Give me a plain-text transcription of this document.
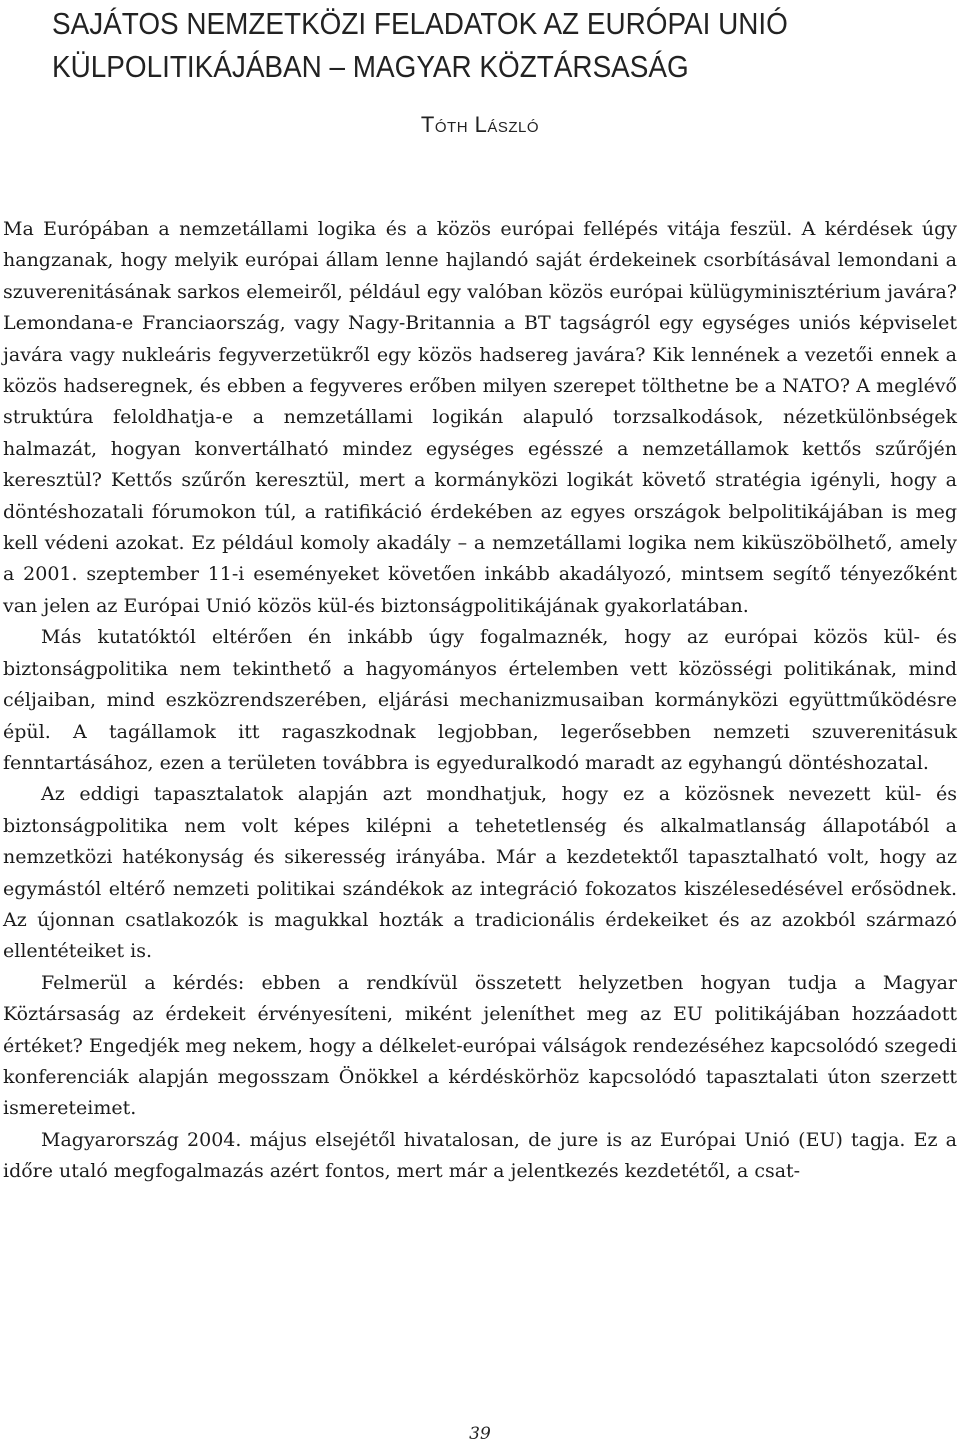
SAJÁTOS NEMZETKÖZI FELADATOK AZ EURÓPAI UNIÓ
KÜLPOLITIKÁJÁBAN – MAGYAR KÖZTÁRSASÁG
Tóth László

Ma Európában a nemzetállami logika és a közös európai fellépés vitája feszül. A kérdések úgy hangzanak, hogy melyik európai állam lenne hajlandó saját érdekeinek csorbításával lemondani a szuverenitásának sarkos elemeiről, például egy valóban közös európai külügyminisztérium javára? Lemondana-e Franciaország, vagy Nagy-Britannia a BT tagságról egy egységes uniós képviselet javára vagy nukleáris fegyverzetükről egy közös hadsereg javára? Kik lennének a vezetői ennek a közös hadseregnek, és ebben a fegyveres erőben milyen szerepet tölthetne be a NATO? A meglévő struktúra feloldhatja-e a nemzetállami logikán alapuló torzsalkodások, nézetkülönbségek halmazát, hogyan konvertálható mindez egységes egésszé a nemzetállamok kettős szűrőjén keresztül? Kettős szűrőn keresztül, mert a kormányközi logikát követő stratégia igényli, hogy a döntéshozatali fórumokon túl, a ratifikáció érdekében az egyes országok belpolitikájában is meg kell védeni azokat. Ez például komoly akadály – a nemzetállami logika nem kiküszöbölhető, amely a 2001. szeptember 11-i eseményeket követően inkább akadályozó, mintsem segítő tényezőként van jelen az Európai Unió közös kül-és biztonságpolitikájának gyakorlatában.

Más kutatóktól eltérően én inkább úgy fogalmaznék, hogy az európai közös kül- és biztonságpolitika nem tekinthető a hagyományos értelemben vett közösségi politikának, mind céljaiban, mind eszközrendszerében, eljárási mechanizmusaiban kormányközi együttműködésre épül. A tagállamok itt ragaszkodnak legjobban, legerősebben nemzeti szuverenitásuk fenntartásához, ezen a területen továbbra is egyeduralkodó maradt az egyhangú döntéshozatal.

Az eddigi tapasztalatok alapján azt mondhatjuk, hogy ez a közösnek nevezett kül- és biztonságpolitika nem volt képes kilépni a tehetetlenség és alkalmatlanság állapotából a nemzetközi hatékonyság és sikeresség irányába. Már a kezdetektől tapasztalható volt, hogy az egymástól eltérő nemzeti politikai szándékok az integráció fokozatos kiszélesedésével erősödnek. Az újonnan csatlakozók is magukkal hozták a tradicionális érdekeiket és az azokból származó ellentéteiket is.

Felmerül a kérdés: ebben a rendkívül összetett helyzetben hogyan tudja a Magyar Köztársaság az érdekeit érvényesíteni, miként jeleníthet meg az EU politikájában hozzáadott értéket? Engedjék meg nekem, hogy a délkelet-európai válságok rendezéséhez kapcsolódó szegedi konferenciák alapján megosszam Önökkel a kérdéskörhöz kapcsolódó tapasztalati úton szerzett ismereteimet.

Magyarország 2004. május elsejétől hivatalosan, de jure is az Európai Unió (EU) tagja. Ez a időre utaló megfogalmazás azért fontos, mert már a jelentkezés kezdetétől, a csat-

39
